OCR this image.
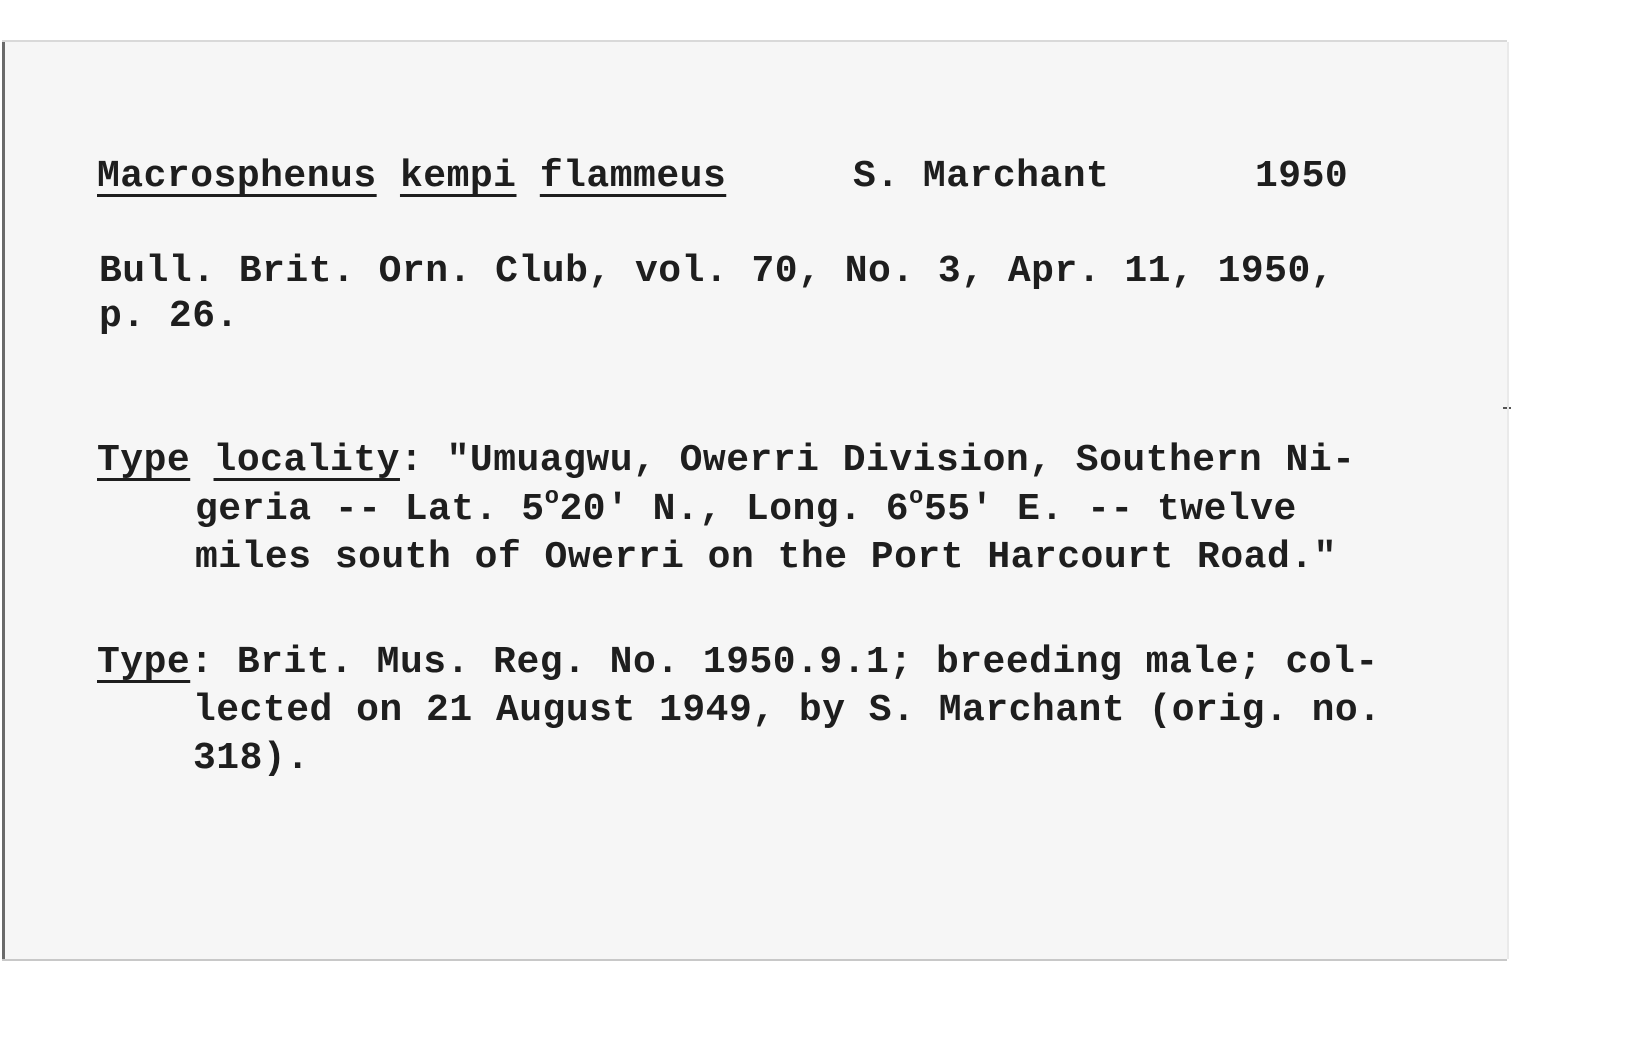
Macrosphenus kempi flammeus	S. Marchant	1950
Bull. Brit. Orn. Club, vol. 70, No. 3, Apr. 11, 1950,
p. 26.
Type locality: "Umuagwu, Owerri Division, Southern Ni-
geria -- Lat. 5$^o$20' N., Long. 6$^o$55' E. -- twelve
miles south of Owerri on the Port Harcourt Road."
Type: Brit. Mus. Reg. No. 1950.9.1; breeding male; col-
lected on 21 August 1949, by S. Marchant (orig. no.
318).
